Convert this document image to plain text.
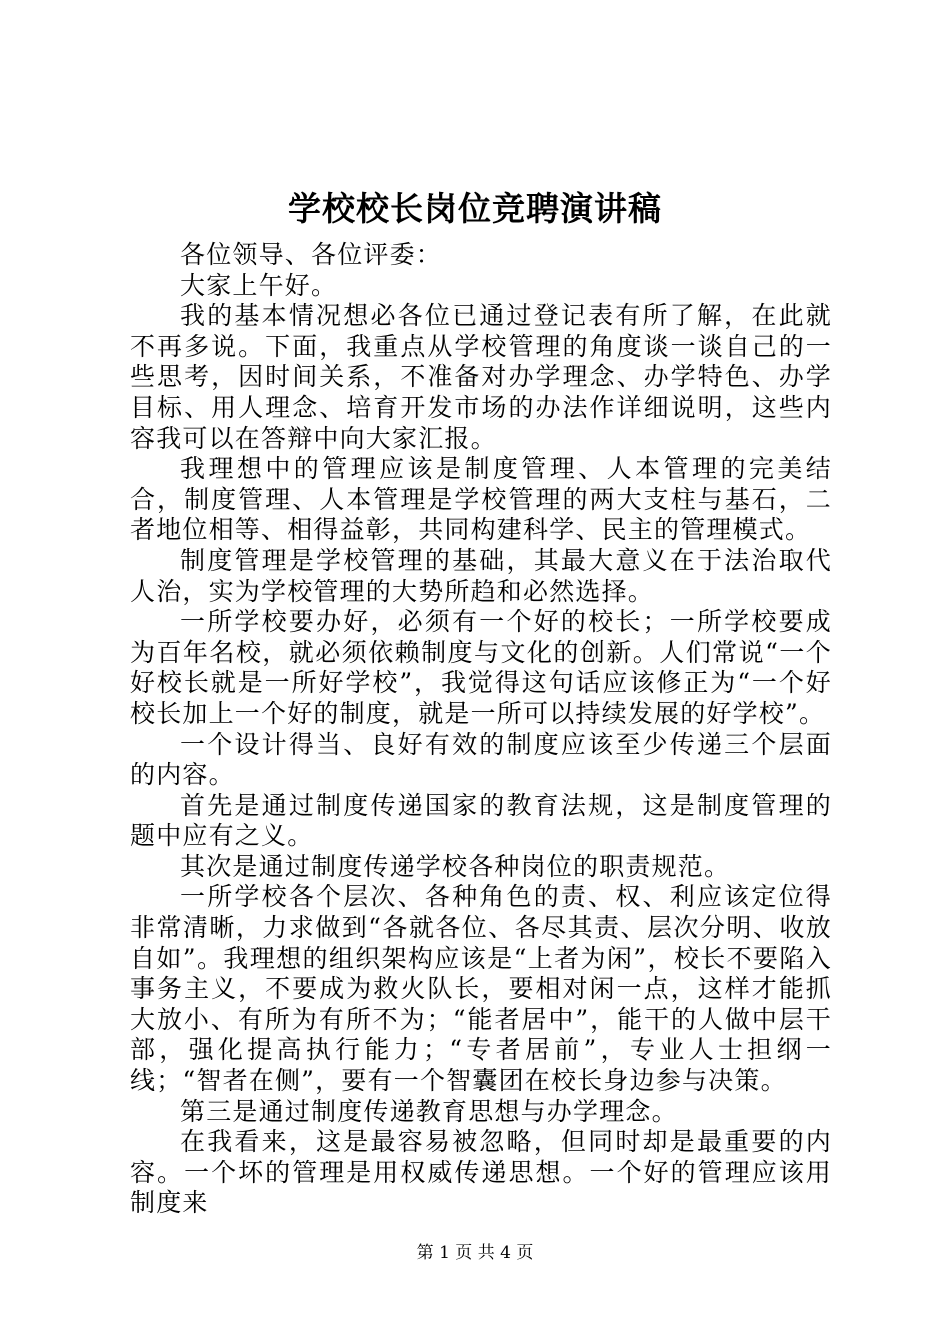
学校校长岗位竞聘演讲稿

各位领导、各位评委：

大家上午好。

我的基本情况想必各位已通过登记表有所了解，在此就不再多说。下面，我重点从学校管理的角度谈一谈自己的一些思考，因时间关系，不准备对办学理念、办学特色、办学目标、用人理念、培育开发市场的办法作详细说明，这些内容我可以在答辩中向大家汇报。

我理想中的管理应该是制度管理、人本管理的完美结合，制度管理、人本管理是学校管理的两大支柱与基石，二者地位相等、相得益彰，共同构建科学、民主的管理模式。

制度管理是学校管理的基础，其最大意义在于法治取代人治，实为学校管理的大势所趋和必然选择。

一所学校要办好，必须有一个好的校长；一所学校要成为百年名校，就必须依赖制度与文化的创新。人们常说“一个好校长就是一所好学校”，我觉得这句话应该修正为“一个好校长加上一个好的制度，就是一所可以持续发展的好学校”。

一个设计得当、良好有效的制度应该至少传递三个层面的内容。

首先是通过制度传递国家的教育法规，这是制度管理的题中应有之义。

其次是通过制度传递学校各种岗位的职责规范。

一所学校各个层次、各种角色的责、权、利应该定位得非常清晰，力求做到“各就各位、各尽其责、层次分明、收放自如”。我理想的组织架构应该是“上者为闲”，校长不要陷入事务主义，不要成为救火队长，要相对闲一点，这样才能抓大放小、有所为有所不为；“能者居中”，能干的人做中层干部，强化提高执行能力；“专者居前”，专业人士担纲一线；“智者在侧”，要有一个智囊团在校长身边参与决策。

第三是通过制度传递教育思想与办学理念。

在我看来，这是最容易被忽略，但同时却是最重要的内容。一个坏的管理是用权威传递思想。一个好的管理应该用制度来

第 1 页 共 4 页
